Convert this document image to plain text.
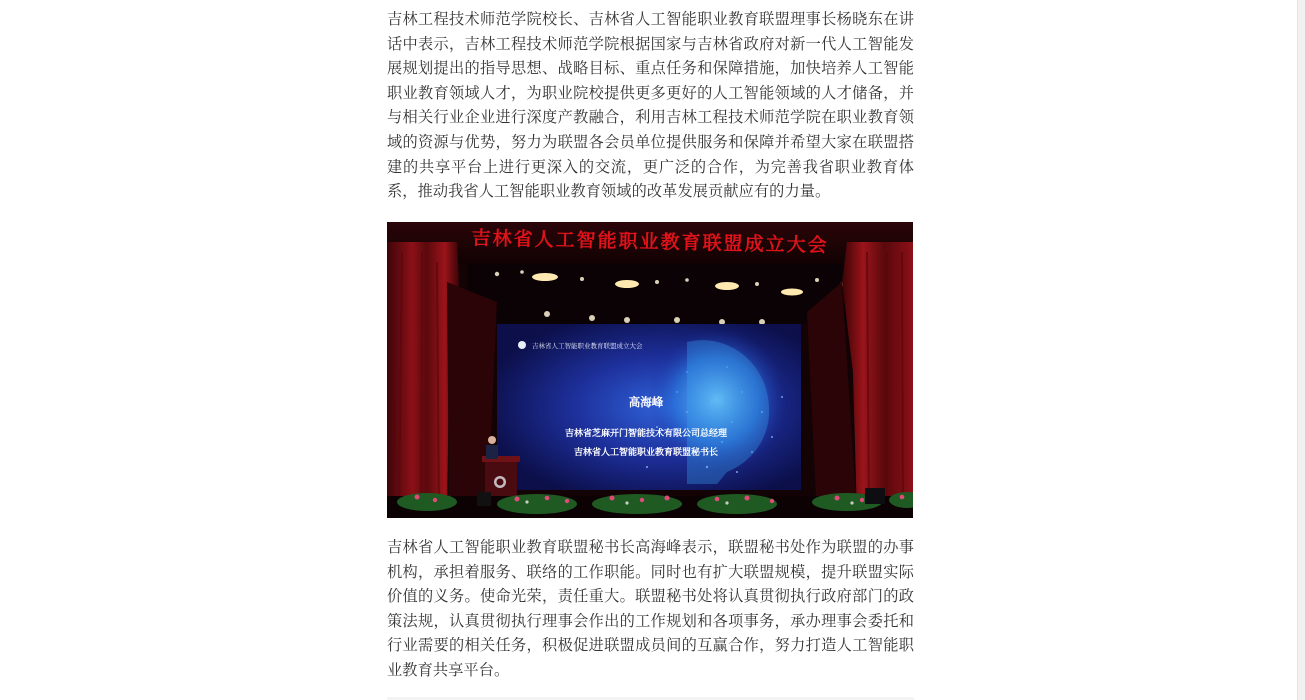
吉林工程技术师范学院校长、吉林省人工智能职业教育联盟理事长杨晓东在讲话中表示，吉林工程技术师范学院根据国家与吉林省政府对新一代人工智能发展规划提出的指导思想、战略目标、重点任务和保障措施，加快培养人工智能职业教育领域人才，为职业院校提供更多更好的人工智能领域的人才储备，并与相关行业企业进行深度产教融合，利用吉林工程技术师范学院在职业教育领域的资源与优势，努力为联盟各会员单位提供服务和保障并希望大家在联盟搭建的共享平台上进行更深入的交流，更广泛的合作，为完善我省职业教育体系，推动我省人工智能职业教育领域的改革发展贡献应有的力量。

吉林省人工智能职业教育联盟成立大会
高海峰
吉林省芝麻开门智能技术有限公司总经理
吉林省人工智能职业教育联盟秘书长
吉林省人工智能职业教育联盟成立大会

吉林省人工智能职业教育联盟秘书长高海峰表示，联盟秘书处作为联盟的办事机构，承担着服务、联络的工作职能。同时也有扩大联盟规模，提升联盟实际价值的义务。使命光荣，责任重大。联盟秘书处将认真贯彻执行政府部门的政策法规，认真贯彻执行理事会作出的工作规划和各项事务，承办理事会委托和行业需要的相关任务，积极促进联盟成员间的互赢合作，努力打造人工智能职业教育共享平台。
